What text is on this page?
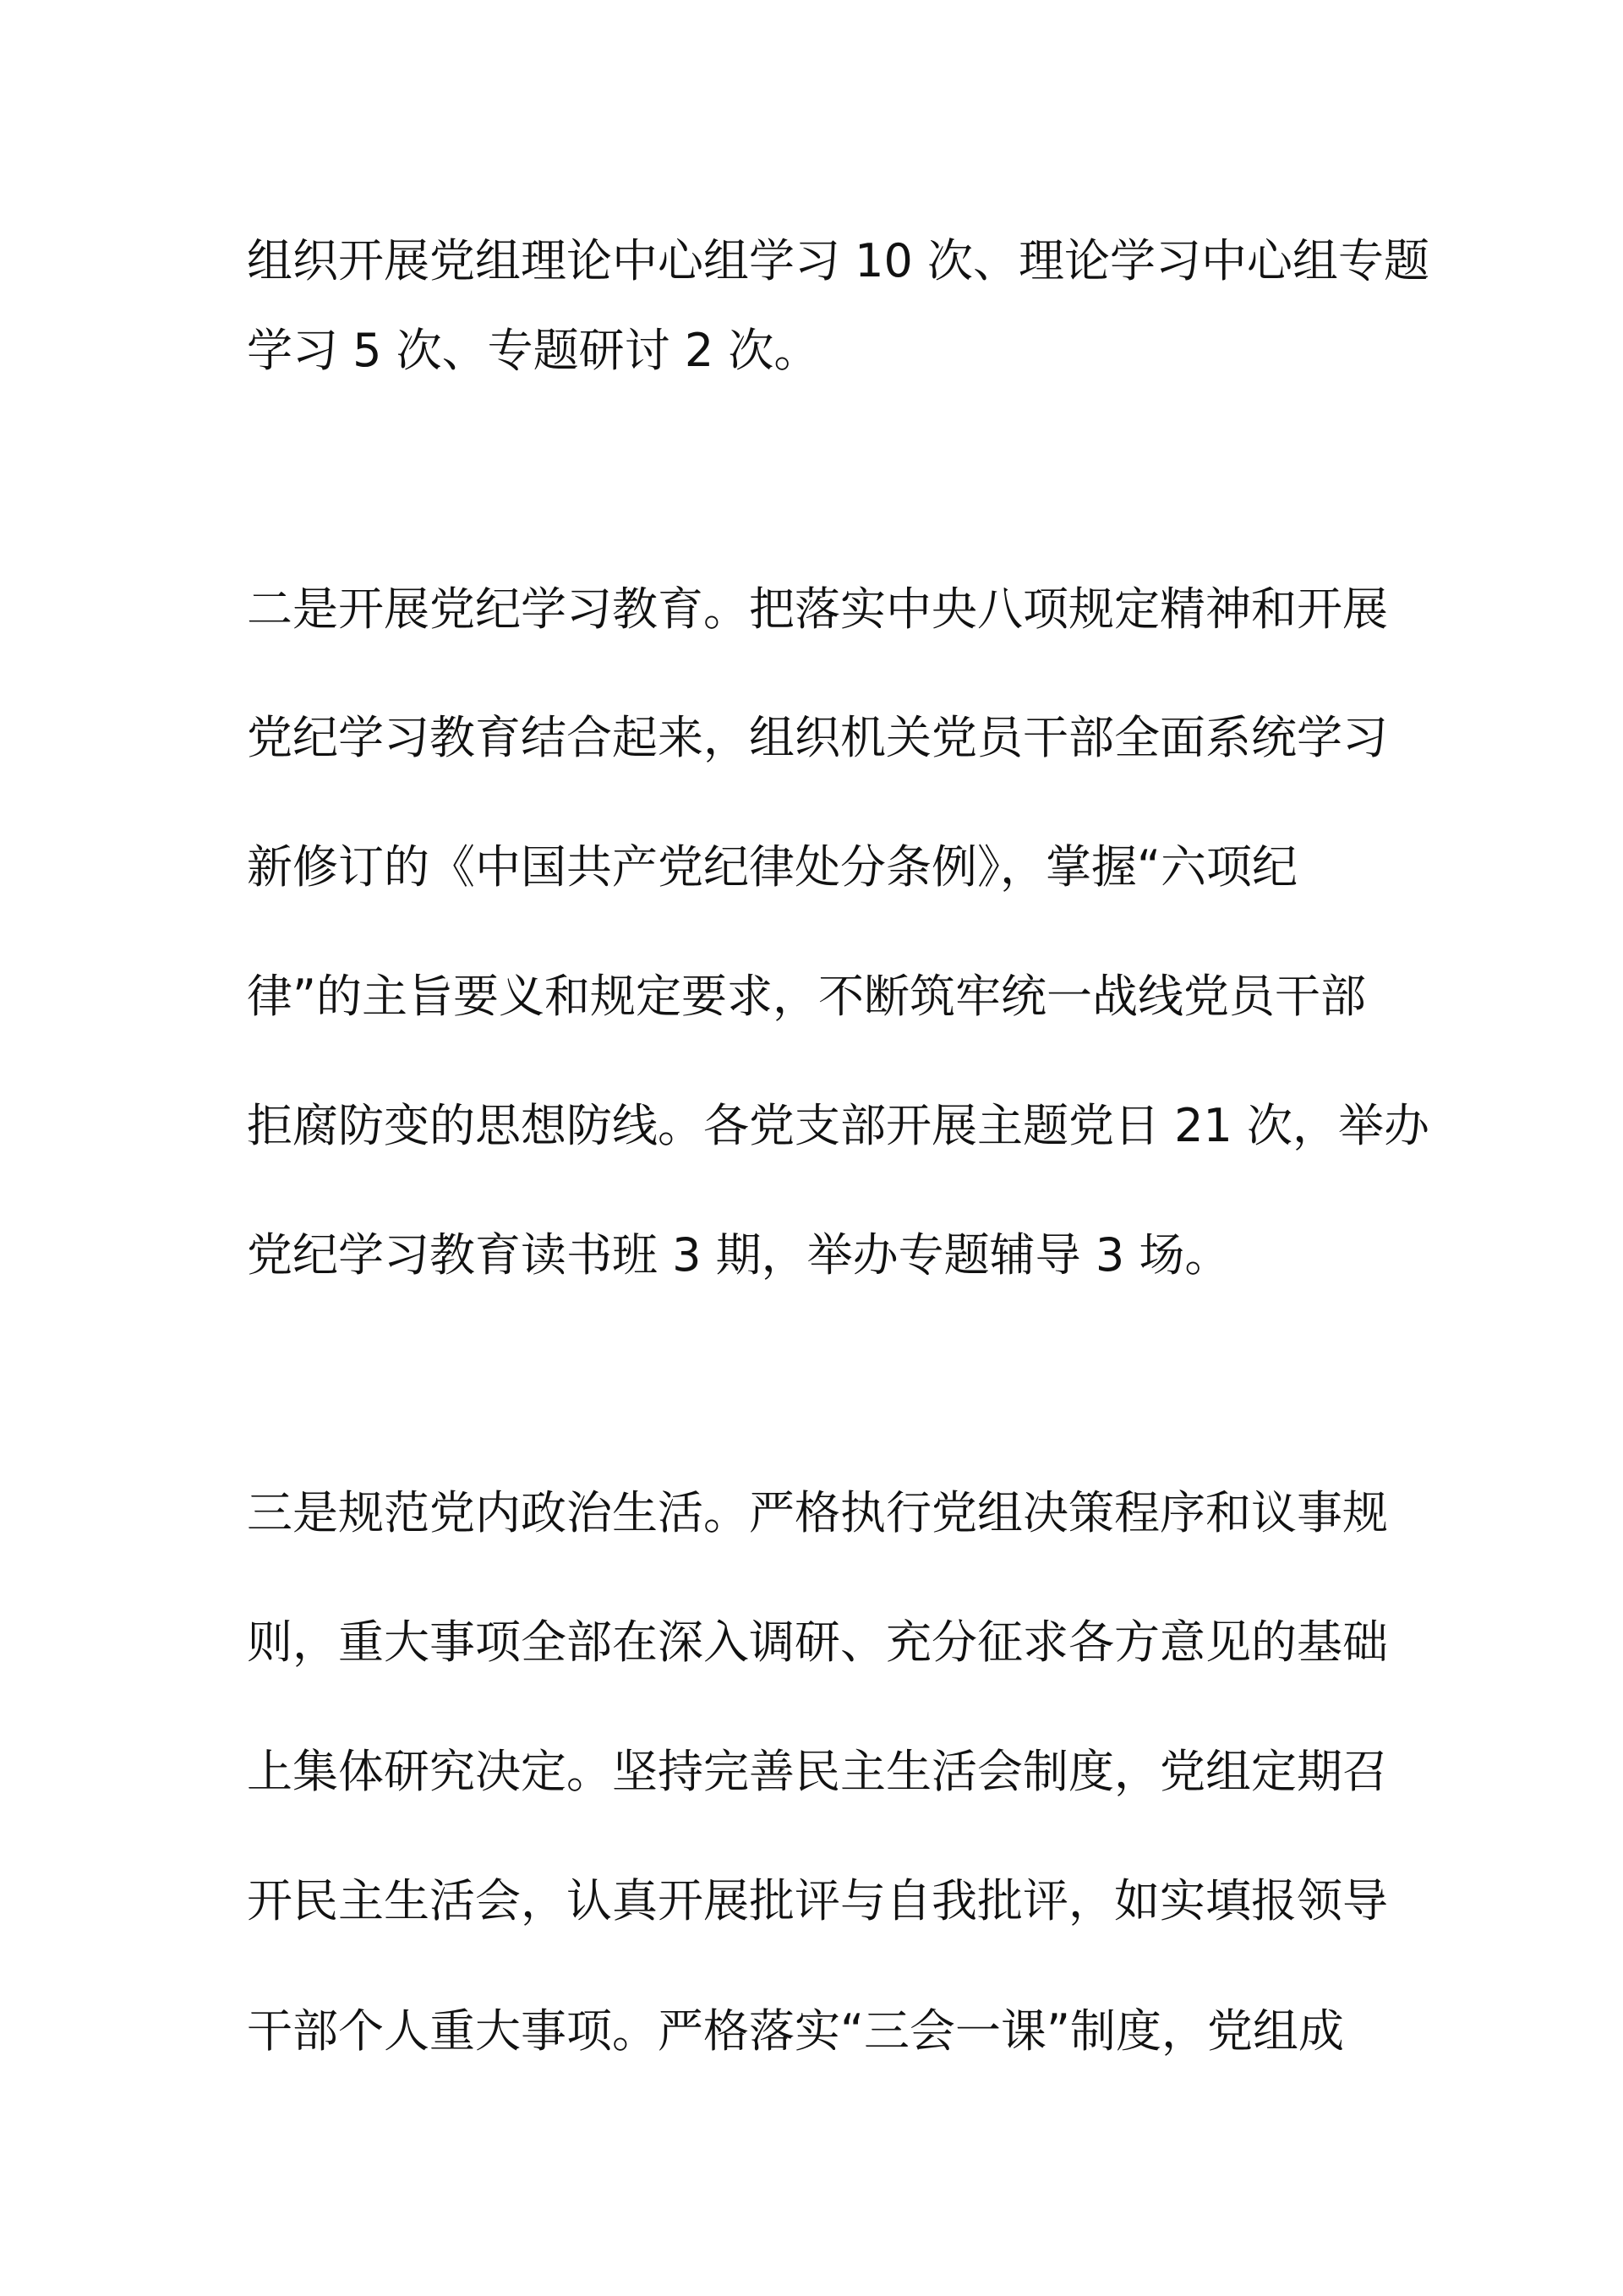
组织开展党组理论中心组学习 10 次、理论学习中心组专题
学习 5 次、专题研讨 2 次。
二是开展党纪学习教育。把落实中央八项规定精神和开展
党纪学习教育结合起来，组织机关党员干部全面系统学习
新修订的《中国共产党纪律处分条例》，掌握“六项纪
律”的主旨要义和规定要求，不断筑牢统一战线党员干部
拒腐防变的思想防线。各党支部开展主题党日 21 次，举办
党纪学习教育读书班 3 期，举办专题辅导 3 场。
三是规范党内政治生活。严格执行党组决策程序和议事规
则，重大事项全部在深入调研、充分征求各方意见的基础
上集体研究决定。坚持完善民主生活会制度，党组定期召
开民主生活会，认真开展批评与自我批评，如实填报领导
干部个人重大事项。严格落实“三会一课”制度，党组成
